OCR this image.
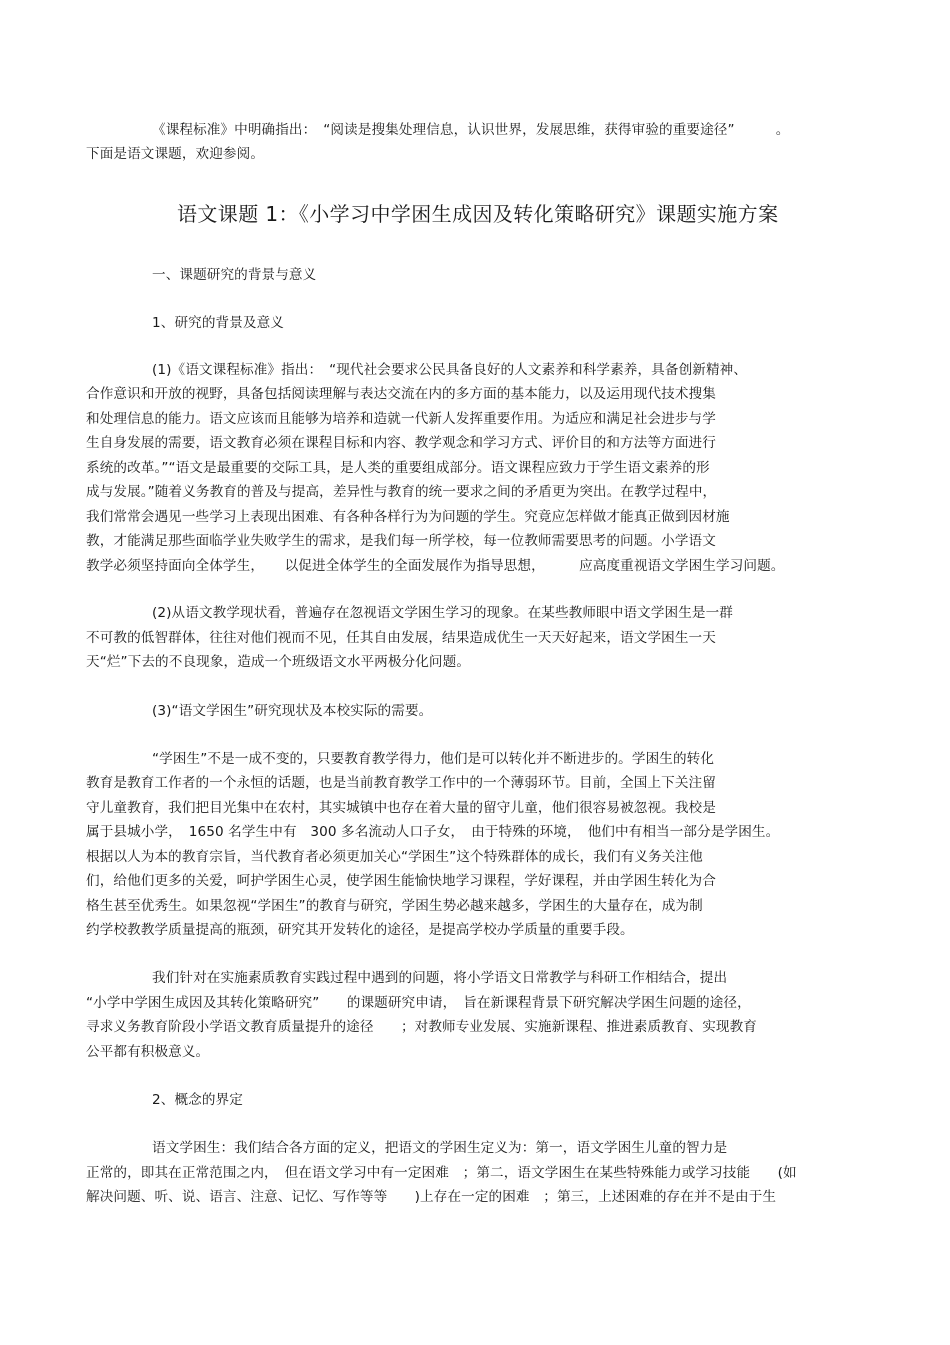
《课程标准》中明确指出：　“阅读是搜集处理信息，认识世界，发展思维，获得审验的重要途径”　　　。
下面是语文课题，欢迎参阅。
语文课题 1：《小学习中学困生成因及转化策略研究》课题实施方案
一、课题研究的背景与意义
1、研究的背景及意义
(1)《语文课程标准》指出：　“现代社会要求公民具备良好的人文素养和科学素养，具备创新精神、
合作意识和开放的视野，具备包括阅读理解与表达交流在内的多方面的基本能力，以及运用现代技术搜集
和处理信息的能力。语文应该而且能够为培养和造就一代新人发挥重要作用。为适应和满足社会进步与学
生自身发展的需要，语文教育必须在课程目标和内容、教学观念和学习方式、评价目的和方法等方面进行
系统的改革。”“语文是最重要的交际工具，是人类的重要组成部分。语文课程应致力于学生语文素养的形
成与发展。”随着义务教育的普及与提高，差异性与教育的统一要求之间的矛盾更为突出。在教学过程中，
我们常常会遇见一些学习上表现出困难、有各种各样行为为问题的学生。究竟应怎样做才能真正做到因材施
教，才能满足那些面临学业失败学生的需求，是我们每一所学校，每一位教师需要思考的问题。小学语文
教学必须坚持面向全体学生，　　以促进全体学生的全面发展作为指导思想，　　　应高度重视语文学困生学习问题。
(2)从语文教学现状看，普遍存在忽视语文学困生学习的现象。在某些教师眼中语文学困生是一群
不可教的低智群体，往往对他们视而不见，任其自由发展，结果造成优生一天天好起来，语文学困生一天
天“烂”下去的不良现象，造成一个班级语文水平两极分化问题。
(3)“语文学困生”研究现状及本校实际的需要。
“学困生”不是一成不变的，只要教育教学得力，他们是可以转化并不断进步的。学困生的转化
教育是教育工作者的一个永恒的话题，也是当前教育教学工作中的一个薄弱环节。目前，全国上下关注留
守儿童教育，我们把目光集中在农村，其实城镇中也存在着大量的留守儿童，他们很容易被忽视。我校是
属于县城小学，　1650 名学生中有　300 多名流动人口子女，　由于特殊的环境，　他们中有相当一部分是学困生。
根据以人为本的教育宗旨，当代教育者必须更加关心“学困生”这个特殊群体的成长，我们有义务关注他
们，给他们更多的关爱，呵护学困生心灵，使学困生能愉快地学习课程，学好课程，并由学困生转化为合
格生甚至优秀生。如果忽视“学困生”的教育与研究，学困生势必越来越多，学困生的大量存在，成为制
约学校教教学质量提高的瓶颈，研究其开发转化的途径，是提高学校办学质量的重要手段。
我们针对在实施素质教育实践过程中遇到的问题，将小学语文日常教学与科研工作相结合，提出
“小学中学困生成因及其转化策略研究”　　的课题研究申请，　旨在新课程背景下研究解决学困生问题的途径，
寻求义务教育阶段小学语文教育质量提升的途径　　；对教师专业发展、实施新课程、推进素质教育、实现教育
公平都有积极意义。
2、概念的界定
语文学困生：我们结合各方面的定义，把语文的学困生定义为：第一，语文学困生儿童的智力是
正常的，即其在正常范围之内，　但在语文学习中有一定困难　；第二，语文学困生在某些特殊能力或学习技能　　(如
解决问题、听、说、语言、注意、记忆、写作等等　　)上存在一定的困难　；第三，上述困难的存在并不是由于生
